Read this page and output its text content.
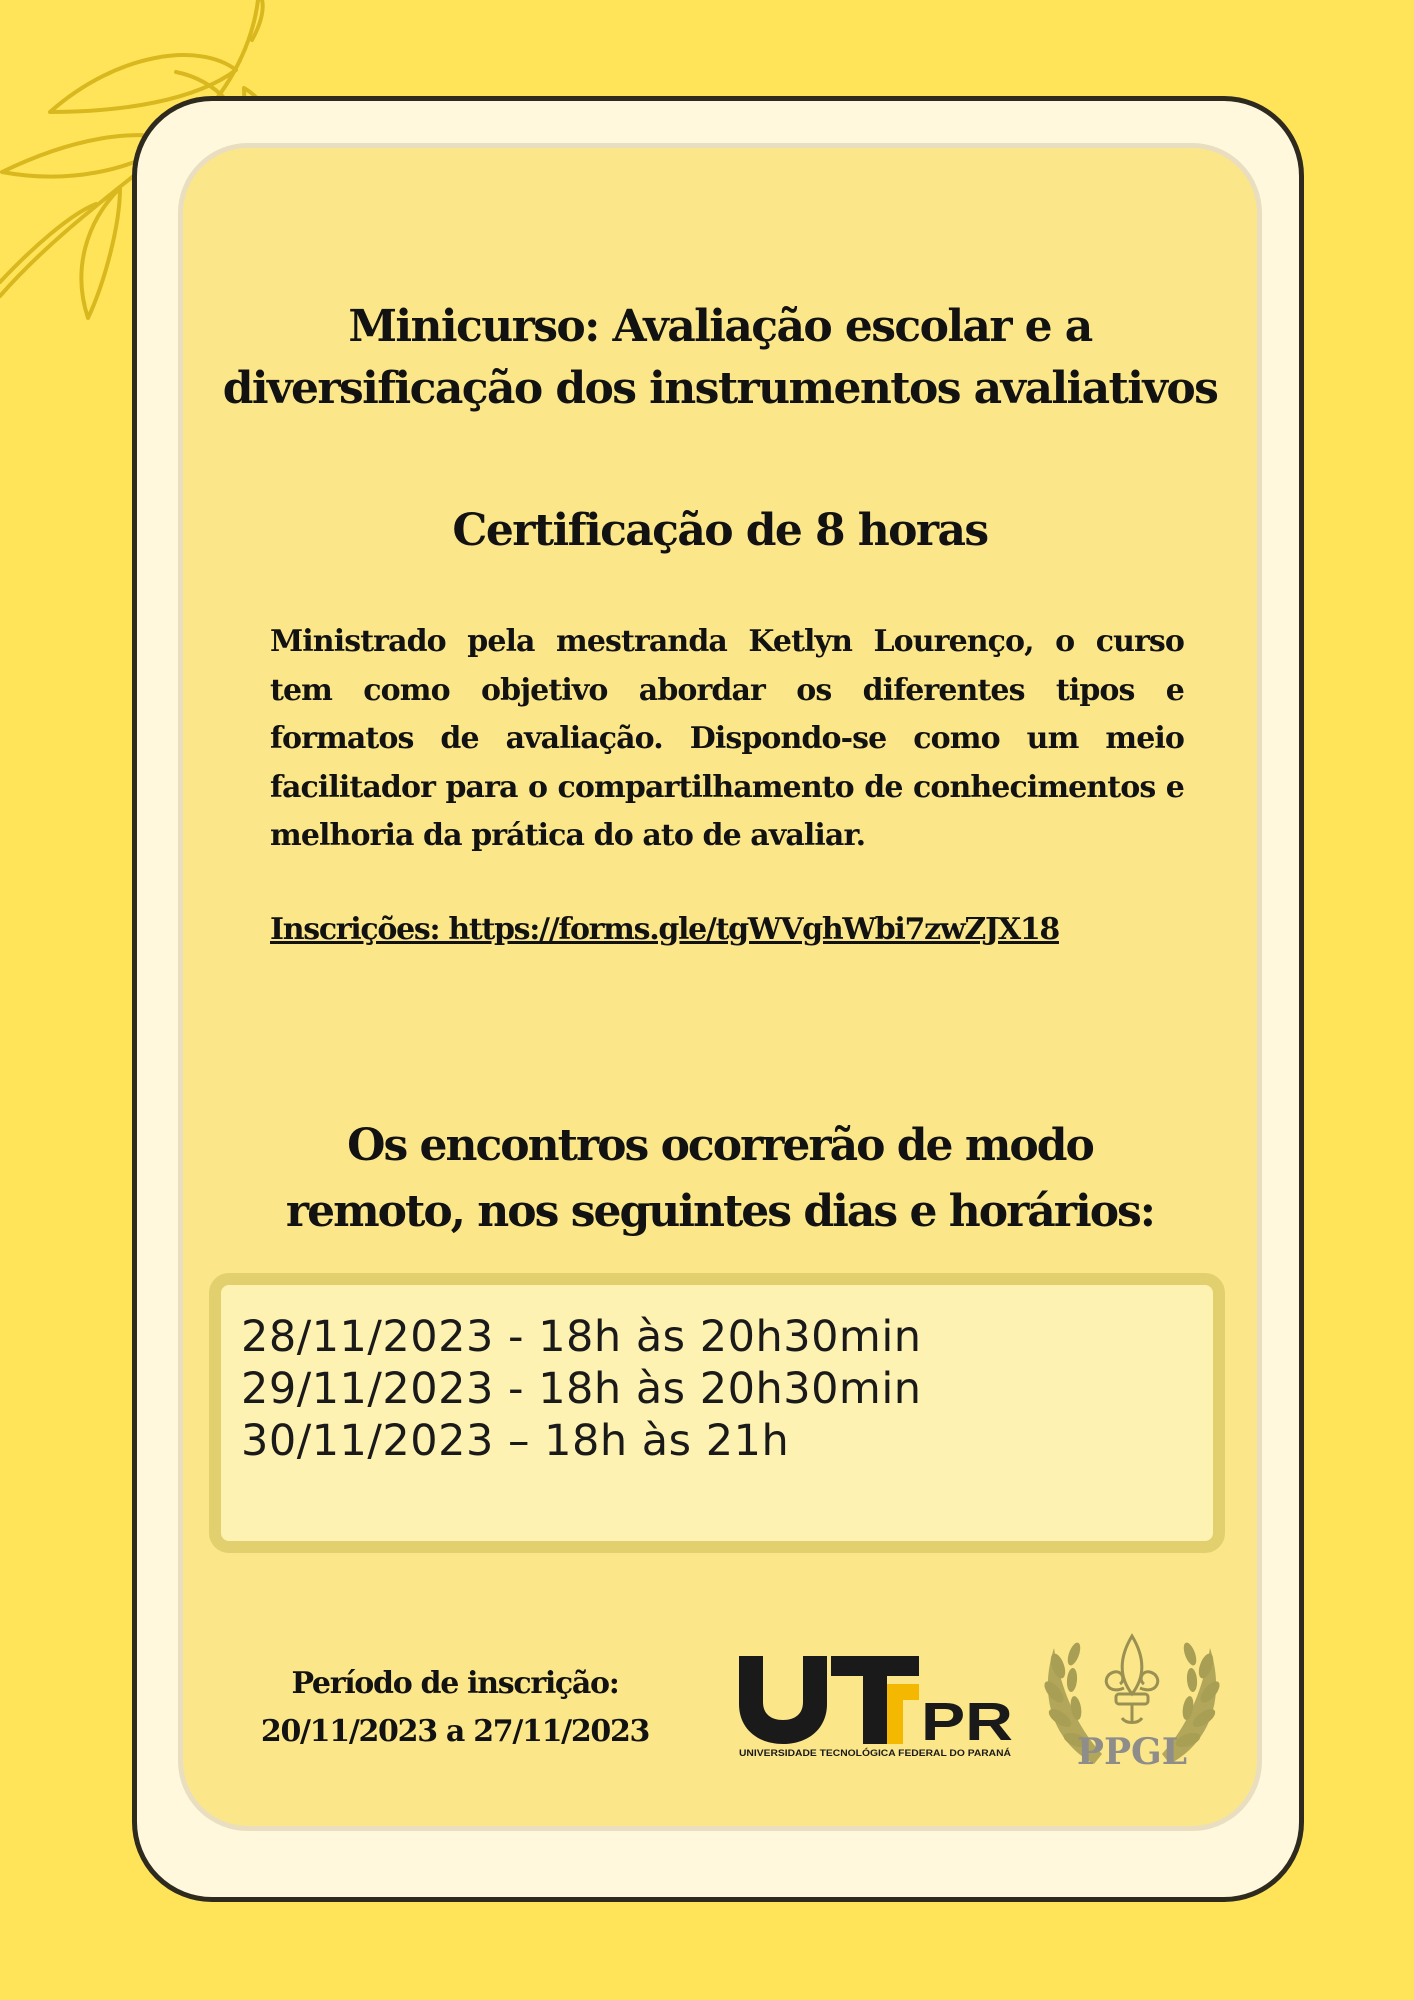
Minicurso: Avaliação escolar e a
diversificação dos instrumentos avaliativos
Certificação de 8 horas

Ministrado pela mestranda Ketlyn Lourenço, o curso tem como objetivo abordar os diferentes tipos e formatos de avaliação. Dispondo-se como um meio facilitador para o compartilhamento de conhecimentos e melhoria da prática do ato de avaliar.

Inscrições: https://forms.gle/tgWVghWbi7zwZJX18

Os encontros ocorrerão de modo
remoto, nos seguintes dias e horários:

28/11/2023 - 18h às 20h30min

29/11/2023 - 18h às 20h30min

30/11/2023 – 18h às 21h

Período de inscrição:
20/11/2023 a 27/11/2023	PR
UNIVERSIDADE TECNOLÓGICA FEDERAL DO PARANÁ	PPGL
